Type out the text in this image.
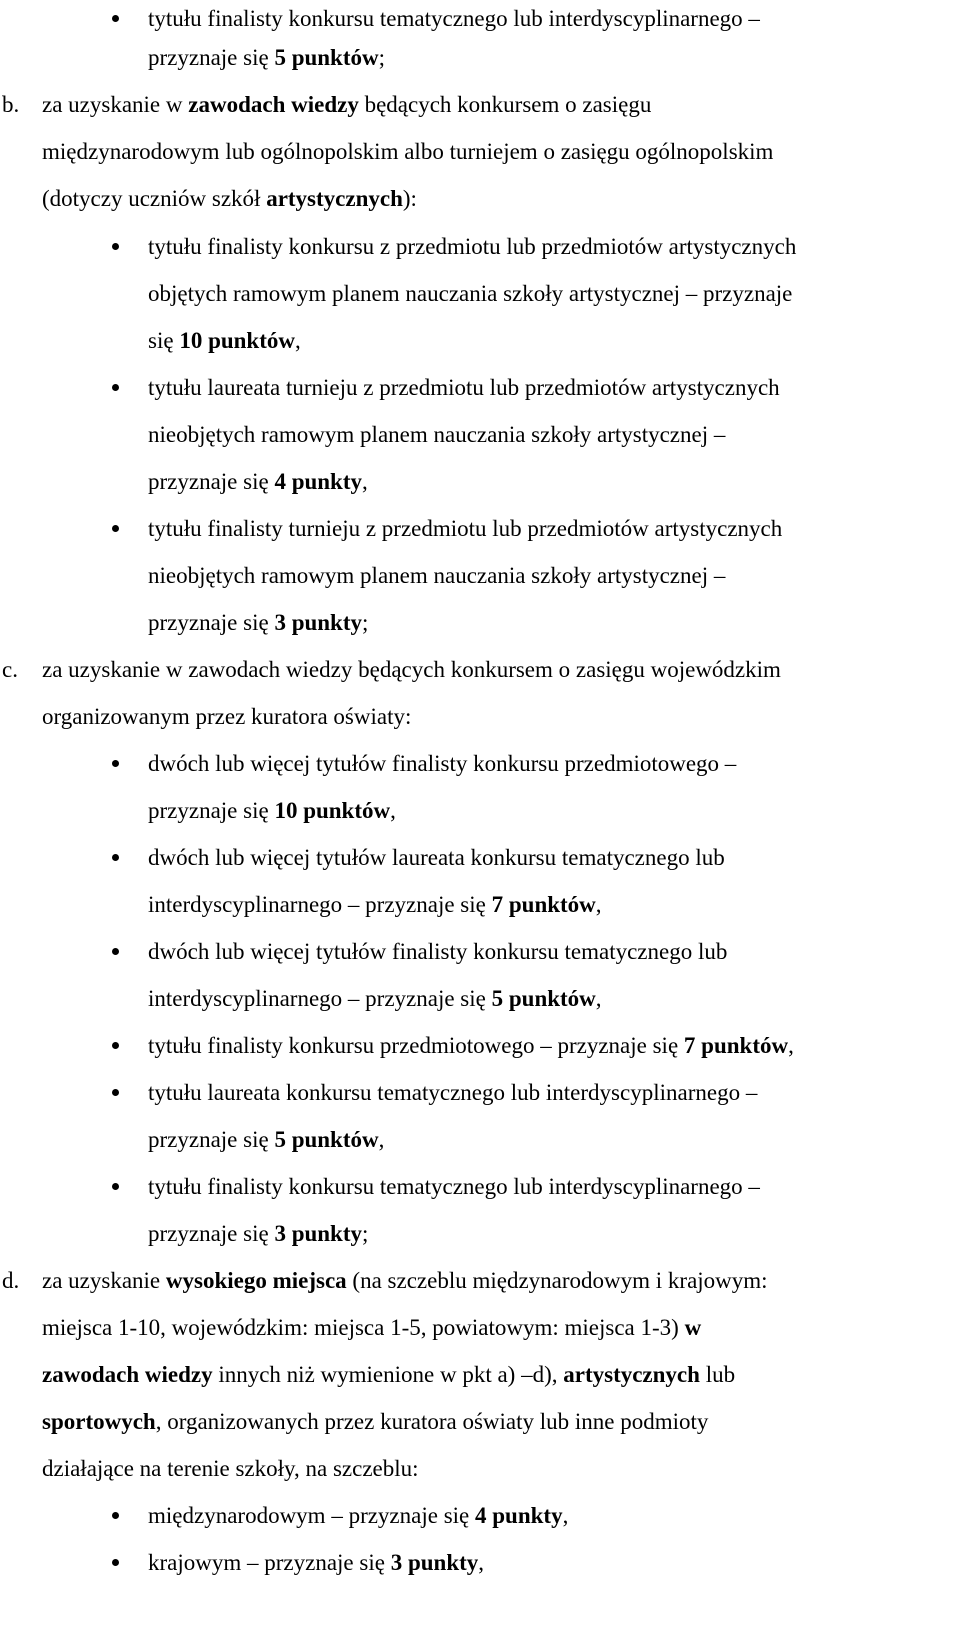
tytułu finalisty konkursu tematycznego lub interdyscyplinarnego –
przyznaje się 5 punktów;
b. za uzyskanie w zawodach wiedzy będących konkursem o zasięgu
międzynarodowym lub ogólnopolskim albo turniejem o zasięgu ogólnopolskim
(dotyczy uczniów szkół artystycznych):
tytułu finalisty konkursu z przedmiotu lub przedmiotów artystycznych
objętych ramowym planem nauczania szkoły artystycznej – przyznaje
się 10 punktów,
tytułu laureata turnieju z przedmiotu lub przedmiotów artystycznych
nieobjętych ramowym planem nauczania szkoły artystycznej –
przyznaje się 4 punkty,
tytułu finalisty turnieju z przedmiotu lub przedmiotów artystycznych
nieobjętych ramowym planem nauczania szkoły artystycznej –
przyznaje się 3 punkty;
c. za uzyskanie w zawodach wiedzy będących konkursem o zasięgu wojewódzkim
organizowanym przez kuratora oświaty:
dwóch lub więcej tytułów finalisty konkursu przedmiotowego –
przyznaje się 10 punktów,
dwóch lub więcej tytułów laureata konkursu tematycznego lub
interdyscyplinarnego – przyznaje się 7 punktów,
dwóch lub więcej tytułów finalisty konkursu tematycznego lub
interdyscyplinarnego – przyznaje się 5 punktów,
tytułu finalisty konkursu przedmiotowego – przyznaje się 7 punktów,
tytułu laureata konkursu tematycznego lub interdyscyplinarnego –
przyznaje się 5 punktów,
tytułu finalisty konkursu tematycznego lub interdyscyplinarnego –
przyznaje się 3 punkty;
d. za uzyskanie wysokiego miejsca (na szczeblu międzynarodowym i krajowym:
miejsca 1-10, wojewódzkim: miejsca 1-5, powiatowym: miejsca 1-3) w
zawodach wiedzy innych niż wymienione w pkt a) –d), artystycznych lub
sportowych, organizowanych przez kuratora oświaty lub inne podmioty
działające na terenie szkoły, na szczeblu:
międzynarodowym – przyznaje się 4 punkty,
krajowym – przyznaje się 3 punkty,
